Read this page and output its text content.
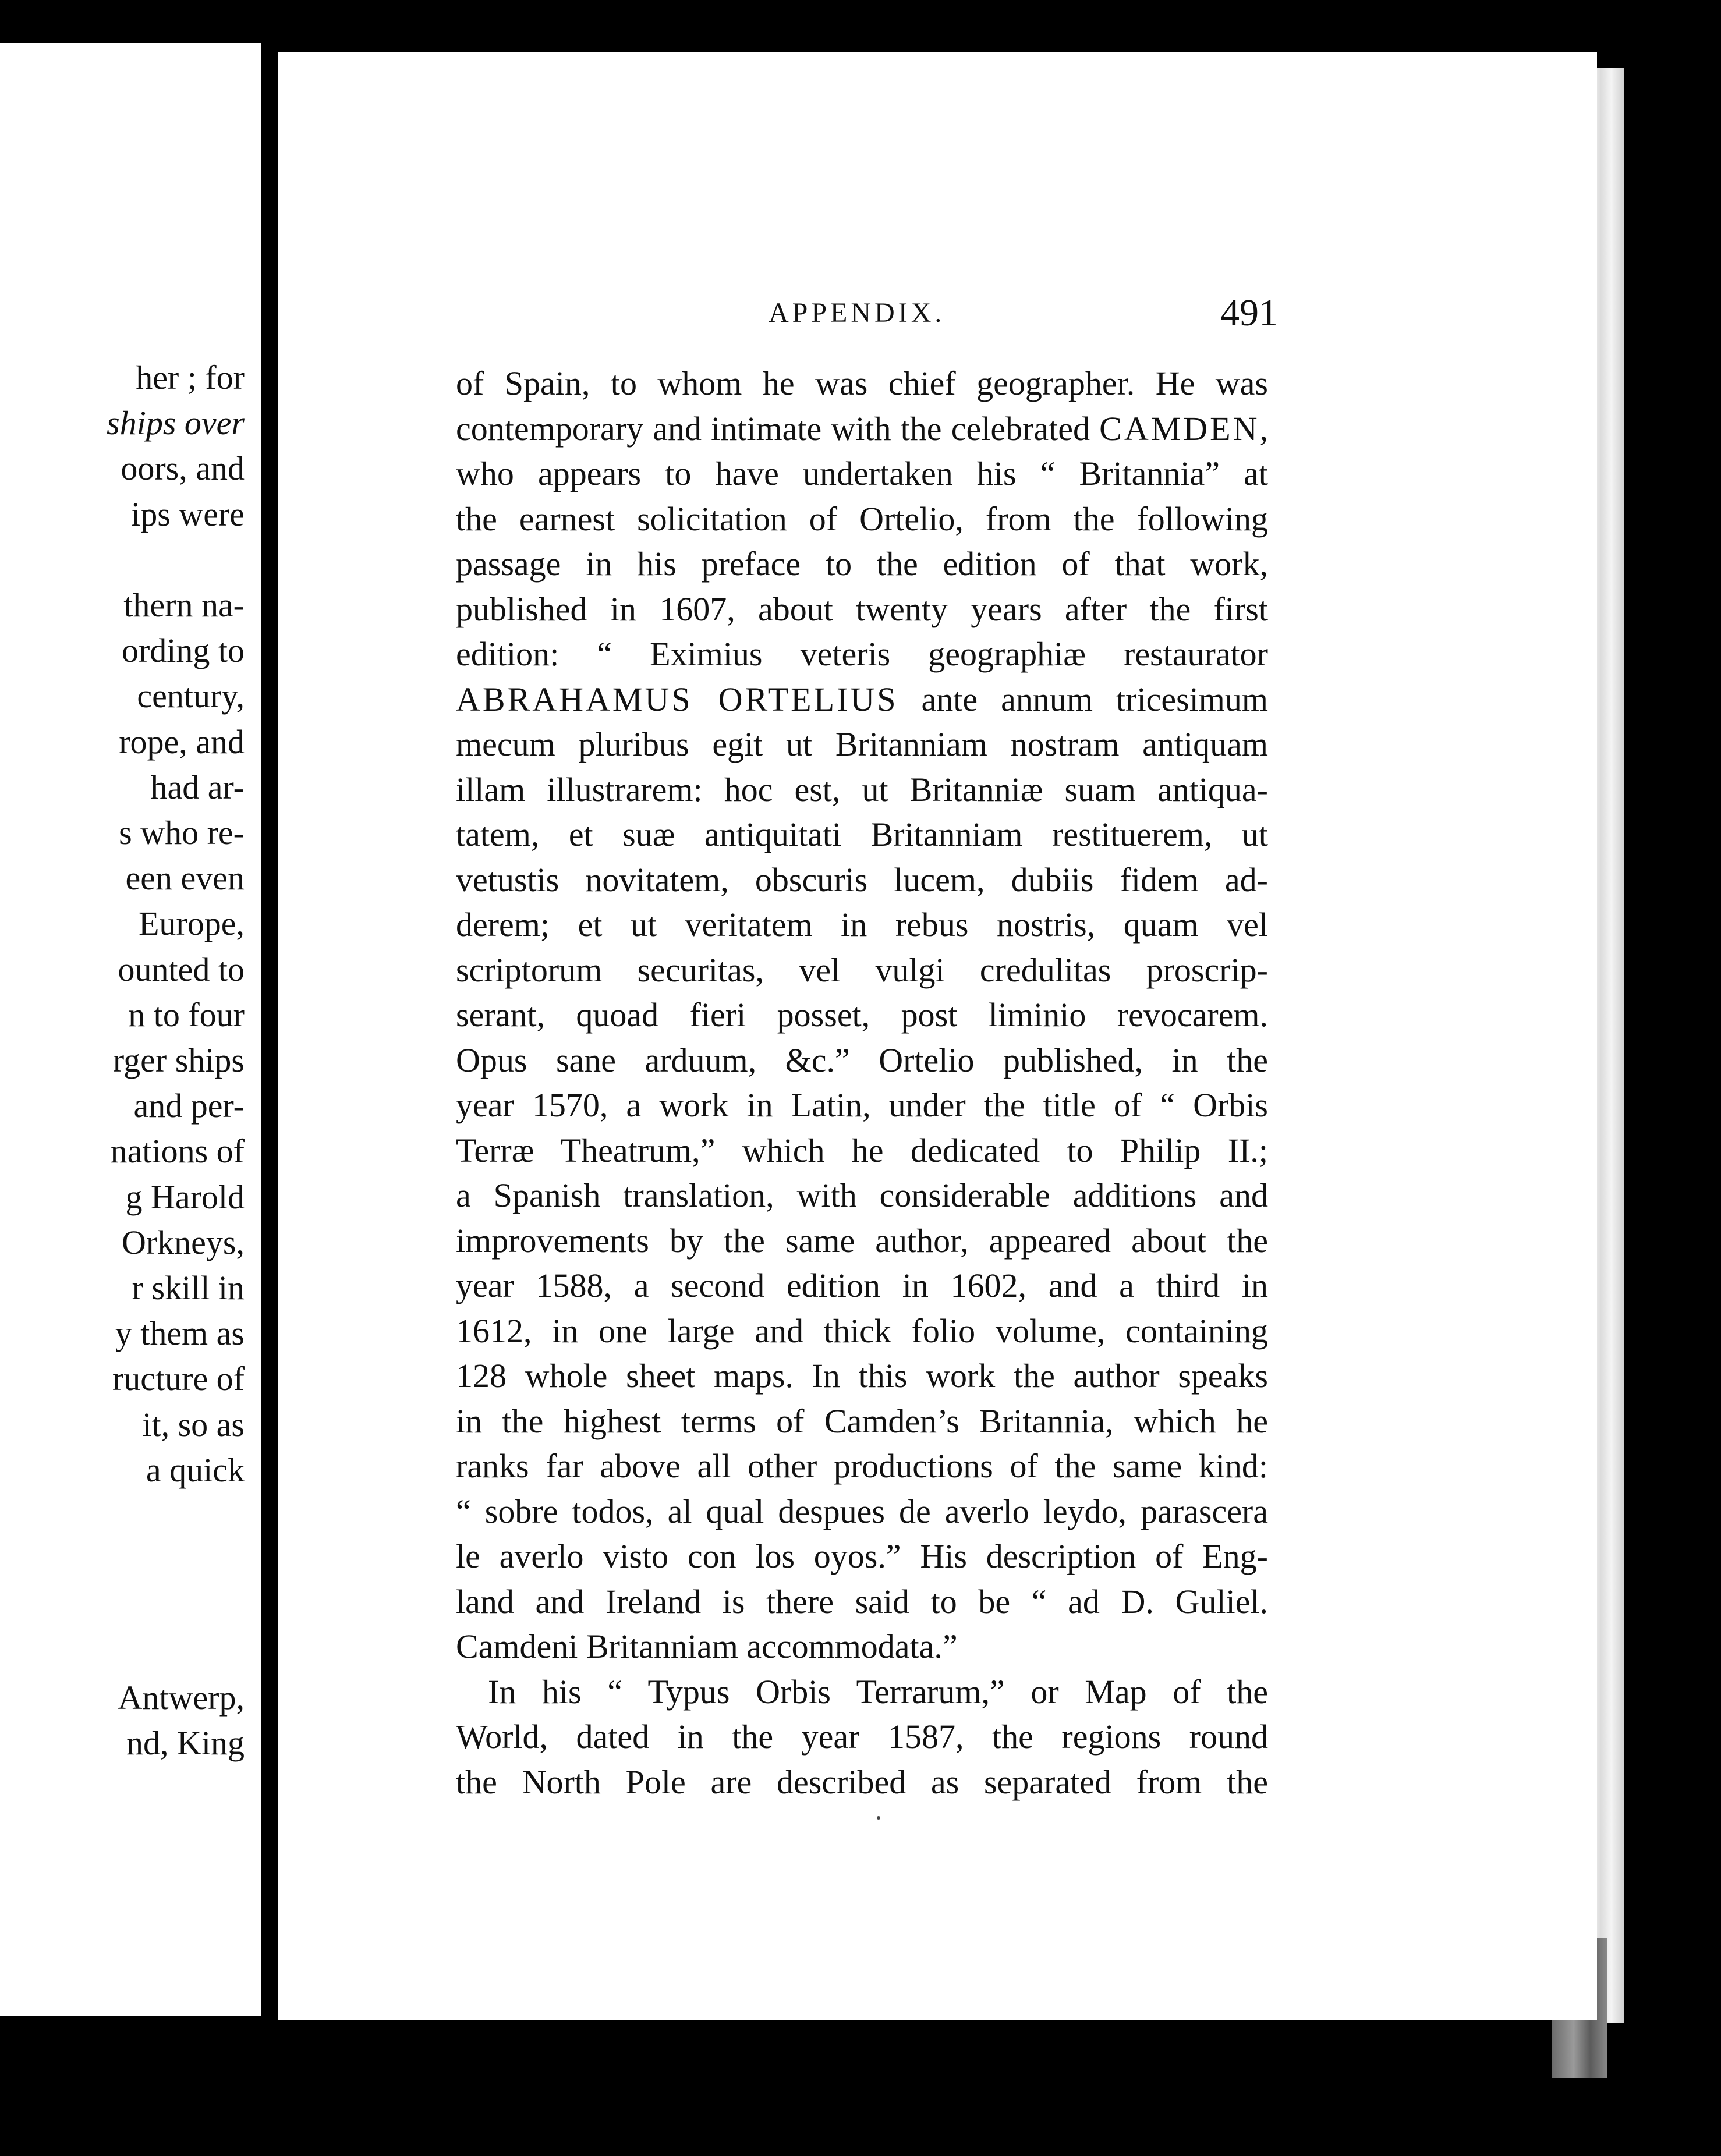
her ; for
ships over
oors, and
ips were
thern na-
ording to
century,
rope, and
had ar-
s who re-
een even
Europe,
ounted to
n to four
rger ships
and per-
nations of
g Harold
Orkneys,
r skill in
y them as
ructure of
it, so as
a quick
Antwerp,
nd, King
APPENDIX.	491
of Spain, to whom he was chief geographer. He was
contemporary and intimate with the celebrated CAMDEN,
who appears to have undertaken his “ Britannia” at
the earnest solicitation of Ortelio, from the following
passage in his preface to the edition of that work,
published in 1607, about twenty years after the first
edition: “ Eximius veteris geographiæ restaurator
ABRAHAMUS ORTELIUS ante annum tricesimum
mecum pluribus egit ut Britanniam nostram antiquam
illam illustrarem: hoc est, ut Britanniæ suam antiqua-
tatem, et suæ antiquitati Britanniam restituerem, ut
vetustis novitatem, obscuris lucem, dubiis fidem ad-
derem; et ut veritatem in rebus nostris, quam vel
scriptorum securitas, vel vulgi credulitas proscrip-
serant, quoad fieri posset, post liminio revocarem.
Opus sane arduum, &c.” Ortelio published, in the
year 1570, a work in Latin, under the title of “ Orbis
Terræ Theatrum,” which he dedicated to Philip II.;
a Spanish translation, with considerable additions and
improvements by the same author, appeared about the
year 1588, a second edition in 1602, and a third in
1612, in one large and thick folio volume, containing
128 whole sheet maps. In this work the author speaks
in the highest terms of Camden’s Britannia, which he
ranks far above all other productions of the same kind:
“ sobre todos, al qual despues de averlo leydo, parascera
le averlo visto con los oyos.” His description of Eng-
land and Ireland is there said to be “ ad D. Guliel.
Camdeni Britanniam accommodata.”
In his “ Typus Orbis Terrarum,” or Map of the
World, dated in the year 1587, the regions round
the North Pole are described as separated from the
